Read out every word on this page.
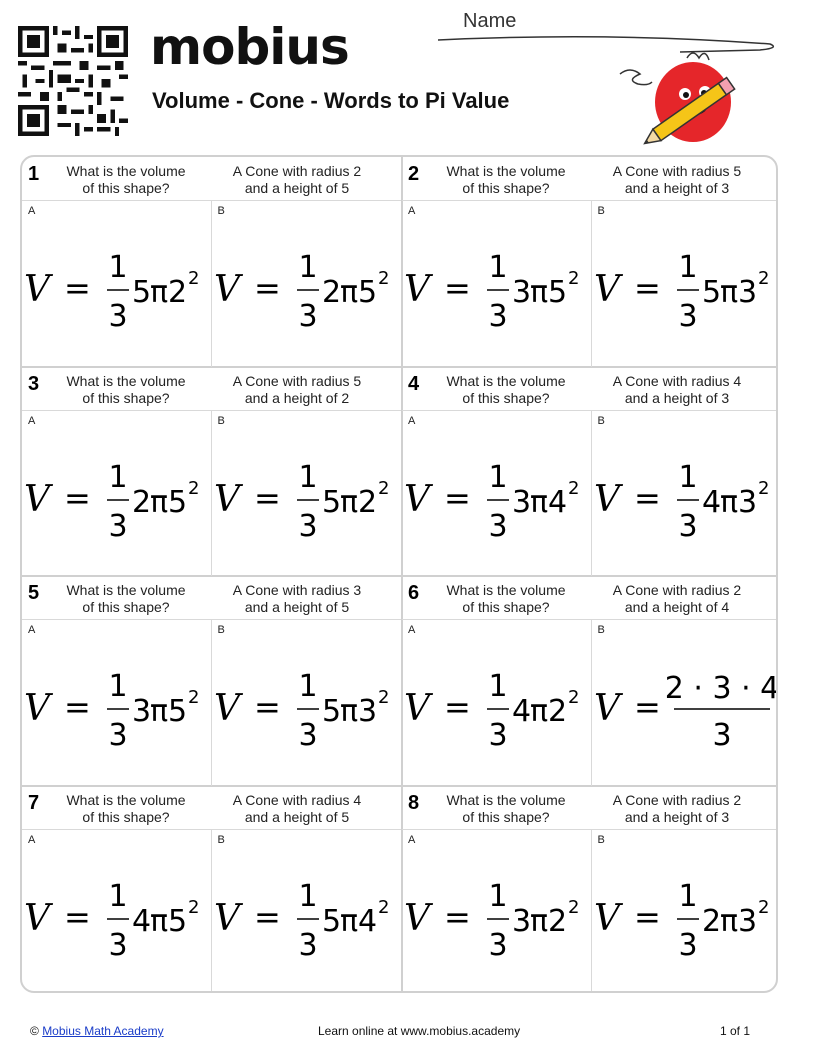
mobius
Volume - Cone - Words to Pi Value
Name
1	What is the volume
of this shape?
A Cone with radius 2
and a height of 5
A
V =
1
3
5
π 2 2
B
V =
1
3
2
π 5 2
2	What is the volume
of this shape?
A Cone with radius 5
and a height of 3
A
V =
1
3
3
π 5 2
B
V =
1
3
5
π 3 2
3	What is the volume
of this shape?
A Cone with radius 5
and a height of 2
A
V =
1
3
2
π 5 2
B
V =
1
3
5
π 2 2
4	What is the volume
of this shape?
A Cone with radius 4
and a height of 3
A
V =
1
3
3
π 4 2
B
V =
1
3
4
π 3 2
5	What is the volume
of this shape?
A Cone with radius 3
and a height of 5
A
V =
1
3
3
π 5 2
B
V =
1
3
5
π 3 2
6	What is the volume
of this shape?
A Cone with radius 2
and a height of 4
A
V =
1
3
4
π 2 2
B
V = 2 · 3 · 4
3
7	What is the volume
of this shape?
A Cone with radius 4
and a height of 5
A
V =
1
3
4
π 5 2
B
V =
1
3
5
π 4 2
8	What is the volume
of this shape?
A Cone with radius 2
and a height of 3
A
V =
1
3
3
π 2 2
B
V =
1
3
2
π 3 2
© Mobius Math Academy	Learn online at www.mobius.academy	1 of 1
